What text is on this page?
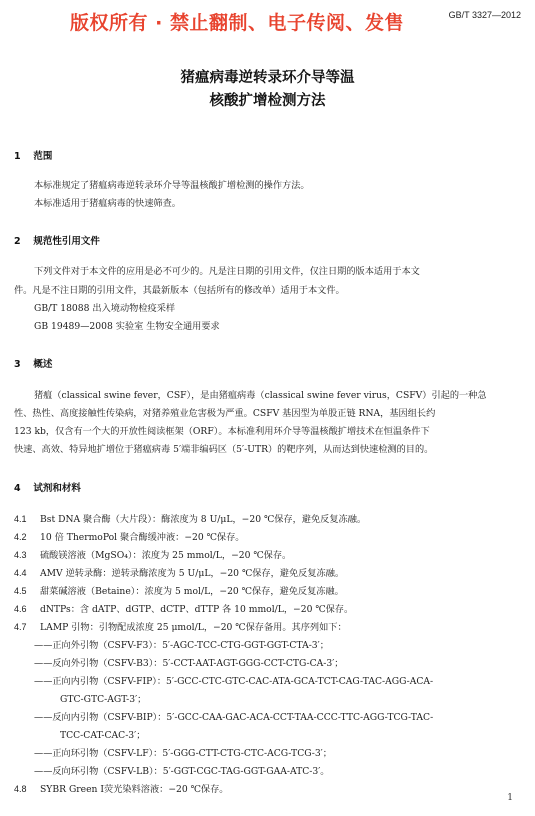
版权所有 · 禁止翻制、电子传阅、发售	GB/T 3327—2012
猪瘟病毒逆转录环介导等温
核酸扩增检测方法
1 范围
本标准规定了猪瘟病毒逆转录环介导等温核酸扩增检测的操作方法。
本标准适用于猪瘟病毒的快速筛查。
2 规范性引用文件
下列文件对于本文件的应用是必不可少的。凡是注日期的引用文件，仅注日期的版本适用于本文
件。凡是不注日期的引用文件，其最新版本（包括所有的修改单）适用于本文件。
GB/T 18088 出入境动物检疫采样
GB 19489—2008 实验室 生物安全通用要求
3 概述
猪瘟（classical swine fever，CSF），是由猪瘟病毒（classical swine fever virus，CSFV）引起的一种急
性、热性、高度接触性传染病，对猪养殖业危害极为严重。CSFV 基因型为单股正链 RNA，基因组长约
123 kb，仅含有一个大的开放性阅读框架（ORF）。本标准利用环介导等温核酸扩增技术在恒温条件下
快速、高效、特异地扩增位于猪瘟病毒 5′端非编码区（5′-UTR）的靶序列，从而达到快速检测的目的。
4 试剂和材料
4.1 Bst DNA 聚合酶（大片段）：酶浓度为 8 U/μL，−20 ℃保存，避免反复冻融。
4.2 10 倍 ThermoPol 聚合酶缓冲液：−20 ℃保存。
4.3 硫酸镁溶液（MgSO₄）：浓度为 25 mmol/L，−20 ℃保存。
4.4 AMV 逆转录酶：逆转录酶浓度为 5 U/μL，−20 ℃保存，避免反复冻融。
4.5 甜菜碱溶液（Betaine）：浓度为 5 mol/L，−20 ℃保存，避免反复冻融。
4.6 dNTPs：含 dATP、dGTP、dCTP、dTTP 各 10 mmol/L，−20 ℃保存。
4.7 LAMP 引物：引物配成浓度 25 μmol/L，−20 ℃保存备用。其序列如下：
——正向外引物（CSFV-F3）：5′-AGC-TCC-CTG-GGT-GGT-CTA-3′；
——反向外引物（CSFV-B3）：5′-CCT-AAT-AGT-GGG-CCT-CTG-CA-3′；
——正向内引物（CSFV-FIP）：5′-GCC-CTC-GTC-CAC-ATA-GCA-TCT-CAG-TAC-AGG-ACA-
GTC-GTC-AGT-3′；
——反向内引物（CSFV-BIP）：5′-GCC-CAA-GAC-ACA-CCT-TAA-CCC-TTC-AGG-TCG-TAC-
TCC-CAT-CAC-3′；
——正向环引物（CSFV-LF）：5′-GGG-CTT-CTG-CTC-ACG-TCG-3′；
——反向环引物（CSFV-LB）：5′-GGT-CGC-TAG-GGT-GAA-ATC-3′。
4.8 SYBR Green Ⅰ荧光染料溶液：−20 ℃保存。
1
